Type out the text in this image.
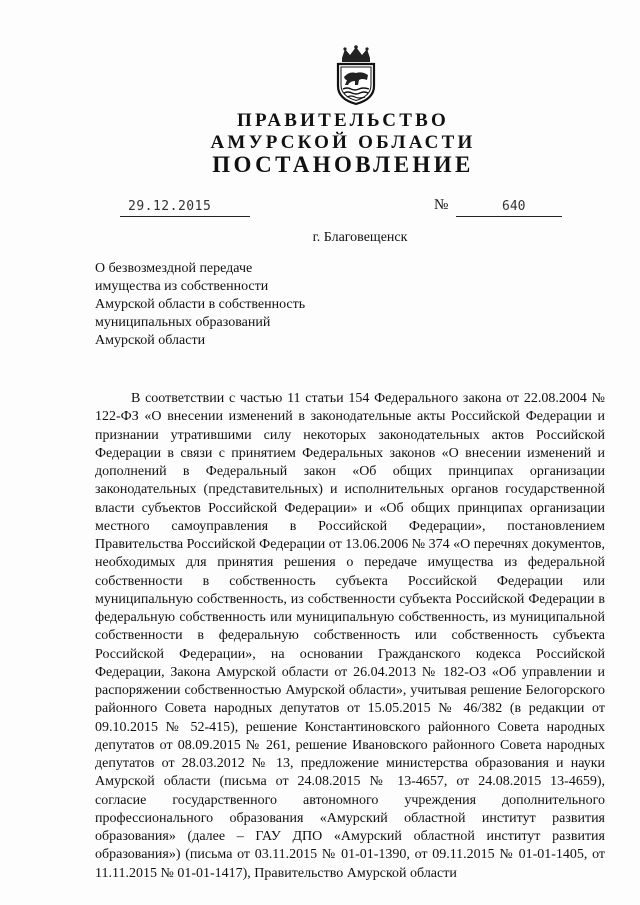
ПРАВИТЕЛЬСТВО
АМУРСКОЙ ОБЛАСТИ
ПОСТАНОВЛЕНИЕ
29.12.2015	№	640
г. Благовещенск
О безвозмездной передаче
имущества из собственности
Амурской области в собственность
муниципальных образований
Амурской области

В соответствии с частью 11 статьи 154 Федерального закона от 22.08.2004 № 122-ФЗ «О внесении изменений в законодательные акты Российской Федерации и признании утратившими силу некоторых законодательных актов Российской Федерации в связи с принятием Федеральных законов «О внесении изменений и дополнений в Федеральный закон «Об общих принципах организации законодательных (представительных) и исполнительных органов государственной власти субъектов Российской Федерации» и «Об общих принципах организации местного самоуправления в Российской Федерации», постановлением Правительства Российской Федерации от 13.06.2006 № 374 «О перечнях документов, необходимых для принятия решения о передаче имущества из федеральной собственности в собственность субъекта Российской Федерации или муниципальную собственность, из собственности субъекта Российской Федерации в федеральную собственность или муниципальную собственность, из муниципальной собственности в федеральную собственность или собственность субъекта Российской Федерации», на основании Гражданского кодекса Российской Федерации, Закона Амурской области от 26.04.2013 № 182-ОЗ «Об управлении и распоряжении собственностью Амурской области», учитывая решение Белогорского районного Совета народных депутатов от 15.05.2015 № 46/382 (в редакции от 09.10.2015 № 52-415), решение Константиновского районного Совета народных депутатов от 08.09.2015 № 261, решение Ивановского районного Совета народных депутатов от 28.03.2012 № 13, предложение министерства образования и науки Амурской области (письма от 24.08.2015 № 13-4657, от 24.08.2015 13-4659), согласие государственного автономного учреждения дополнительного профессионального образования «Амурский областной институт развития образования» (далее – ГАУ ДПО «Амурский областной институт развития образования») (письма от 03.11.2015 № 01-01-1390, от 09.11.2015 № 01-01-1405, от 11.11.2015 № 01-01-1417), Правительство Амурской области
